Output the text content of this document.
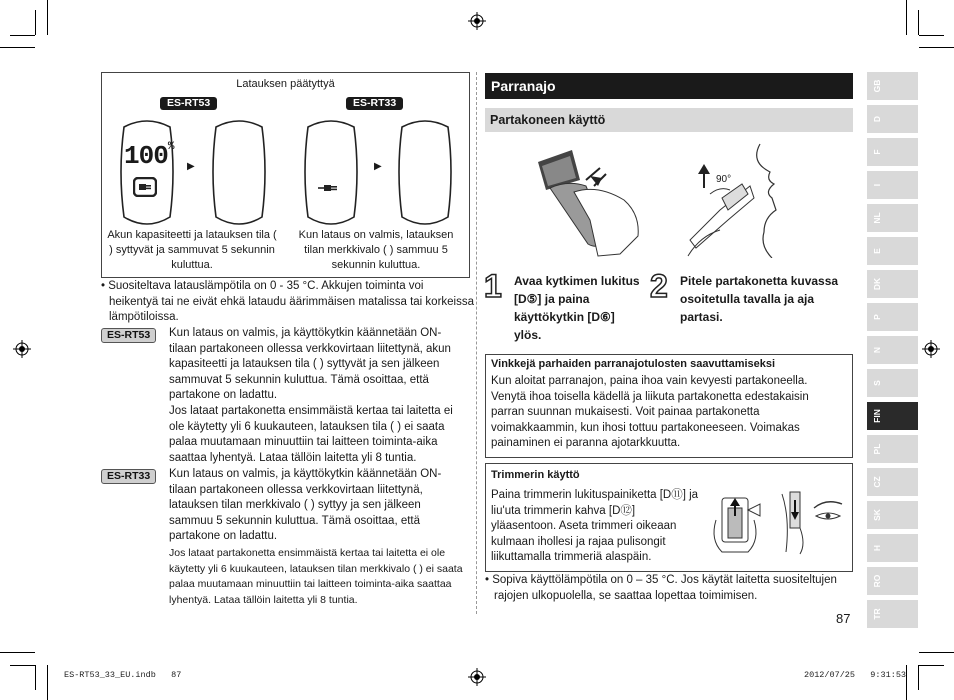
Latauksen päätyttyä
ES-RT53	ES-RT33
100%
▶	▶
Akun kapasiteetti ja latauksen tila ( ) syttyvät ja sammuvat 5 sekunnin kuluttua.
Kun lataus on valmis, latauksen tilan merkkivalo ( ) sammuu 5 sekunnin kuluttua.
• Suositeltava latauslämpötila on 0 - 35 °C. Akkujen toiminta voi heikentyä tai ne eivät ehkä lataudu äärimmäisen matalissa tai korkeissa lämpötiloissa.
ES-RT53	Kun lataus on valmis, ja käyttökytkin käännetään ON-tilaan partakoneen ollessa verkkovirtaan liitettynä, akun kapasiteetti ja latauksen tila ( ) syttyvät ja sen jälkeen sammuvat 5 sekunnin kuluttua. Tämä osoittaa, että partakone on ladattu.
Jos lataat partakonetta ensimmäistä kertaa tai laitetta ei ole käytetty yli 6 kuukauteen, latauksen tila ( ) ei saata palaa muutamaan minuuttiin tai laitteen toiminta-aika saattaa lyhentyä. Lataa tällöin laitetta yli 8 tuntia.
ES-RT33	Kun lataus on valmis, ja käyttökytkin käännetään ON-tilaan partakoneen ollessa verkkovirtaan liitettynä, latauksen tilan merkkivalo ( ) syttyy ja sen jälkeen sammuu 5 sekunnin kuluttua. Tämä osoittaa, että partakone on ladattu.
Jos lataat partakonetta ensimmäistä kertaa tai laitetta ei ole käytetty yli 6 kuukauteen, latauksen tilan merkkivalo ( ) ei saata palaa muutamaan minuuttiin tai laitteen toiminta-aika saattaa lyhentyä. Lataa tällöin laitetta yli 8 tuntia.
Parranajo
Partakoneen käyttö
90°
1 Avaa kytkimen lukitus [D⑤] ja paina käyttökytkin [D⑥] ylös.
2 Pitele partakonetta kuvassa osoitetulla tavalla ja aja partasi.
Vinkkejä parhaiden parranajotulosten saavuttamiseksi
Kun aloitat parranajon, paina ihoa vain kevyesti partakoneella. Venytä ihoa toisella kädellä ja liikuta partakonetta edestakaisin parran suunnan mukaisesti. Voit painaa partakonetta voimakkaammin, kun ihosi tottuu partakoneeseen. Voimakas painaminen ei paranna ajotarkkuutta.
Trimmerin käyttö
Paina trimmerin lukituspainiketta [D⑪] ja liu'uta trimmerin kahva [D⑫] yläasentoon. Aseta trimmeri oikeaan kulmaan ihollesi ja rajaa pulisongit liikuttamalla trimmeriä alaspäin.
• Sopiva käyttölämpötila on 0 – 35 °C. Jos käytät laitetta suositeltujen rajojen ulkopuolella, se saattaa lopettaa toimimisen.
87
GB
D
F
I
NL
E
DK
P
N
S
FIN
PL
CZ
SK
H
RO
TR
ES-RT53_33_EU.indb   87	2012/07/25   9:31:53
